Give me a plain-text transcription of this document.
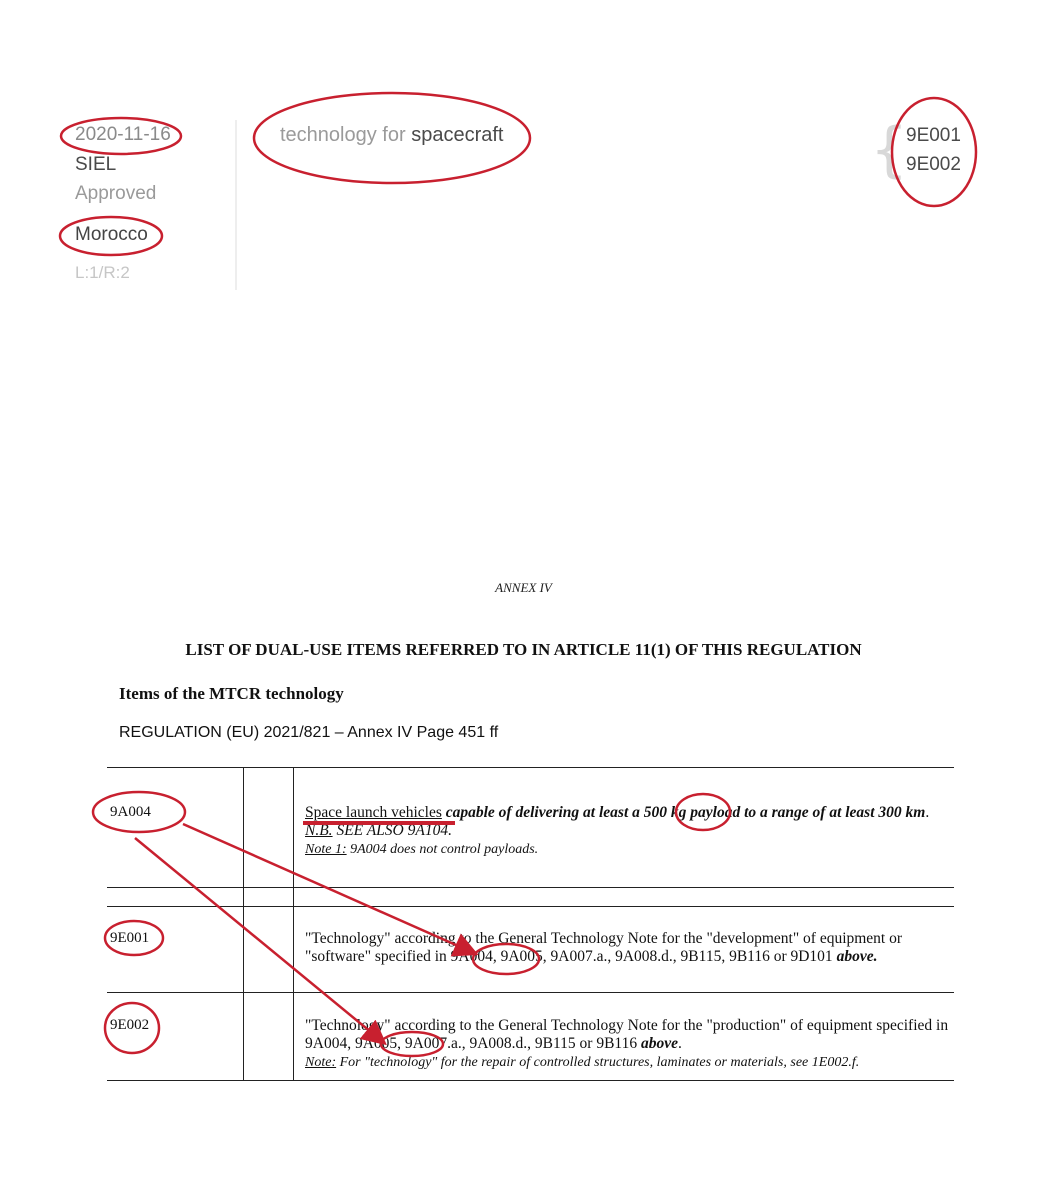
2020-11-16
SIEL
Approved
Morocco
L:1/R:2
technology for spacecraft	{
9E001
9E002
ANNEX IV
LIST OF DUAL-USE ITEMS REFERRED TO IN ARTICLE 11(1) OF THIS REGULATION
Items of the MTCR technology
REGULATION (EU) 2021/821 – Annex IV Page 451 ff
9A004	Space launch vehicles capable of delivering at least a 500 kg payload to a range of at least 300 km.
N.B. SEE ALSO 9A104.
Note 1: 9A004 does not control payloads.
9E001	"Technology" according to the General Technology Note for the "development" of equipment or "software" specified in 9A004, 9A005, 9A007.a., 9A008.d., 9B115, 9B116 or 9D101 above.
9E002	"Technology" according to the General Technology Note for the "production" of equipment specified in 9A004, 9A005, 9A007.a., 9A008.d., 9B115 or 9B116 above.
Note: For "technology" for the repair of controlled structures, laminates or materials, see 1E002.f.
